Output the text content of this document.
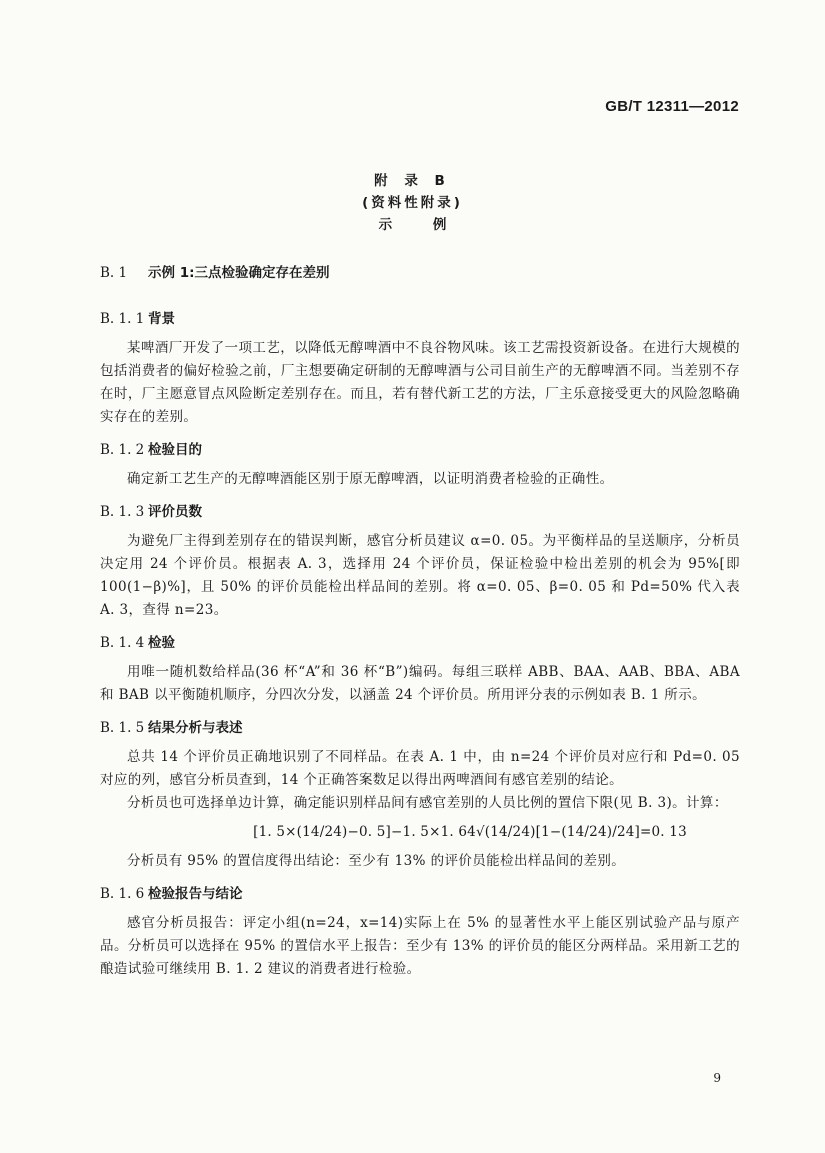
GB/T 12311—2012
附 录 B
(资料性附录)
示 例
B. 1 示例 1:三点检验确定存在差别
B. 1. 1 背景
某啤酒厂开发了一项工艺，以降低无醇啤酒中不良谷物风味。该工艺需投资新设备。在进行大规模的包括消费者的偏好检验之前，厂主想要确定研制的无醇啤酒与公司目前生产的无醇啤酒不同。当差别不存在时，厂主愿意冒点风险断定差别存在。而且，若有替代新工艺的方法，厂主乐意接受更大的风险忽略确实存在的差别。
B. 1. 2 检验目的
确定新工艺生产的无醇啤酒能区别于原无醇啤酒，以证明消费者检验的正确性。
B. 1. 3 评价员数
为避免厂主得到差别存在的错误判断，感官分析员建议 α=0. 05。为平衡样品的呈送顺序，分析员决定用 24 个评价员。根据表 A. 3，选择用 24 个评价员，保证检验中检出差别的机会为 95%[即 100(1−β)%]，且 50% 的评价员能检出样品间的差别。将 α=0. 05、β=0. 05 和 Pd=50% 代入表 A. 3，查得 n=23。
B. 1. 4 检验
用唯一随机数给样品(36 杯“A”和 36 杯“B”)编码。每组三联样 ABB、BAA、AAB、BBA、ABA 和 BAB 以平衡随机顺序，分四次分发，以涵盖 24 个评价员。所用评分表的示例如表 B. 1 所示。
B. 1. 5 结果分析与表述
总共 14 个评价员正确地识别了不同样品。在表 A. 1 中，由 n=24 个评价员对应行和 Pd=0. 05 对应的列，感官分析员查到，14 个正确答案数足以得出两啤酒间有感官差别的结论。
分析员也可选择单边计算，确定能识别样品间有感官差别的人员比例的置信下限(见 B. 3)。计算：
[1. 5×(14/24)−0. 5]−1. 5×1. 64√(14/24)[1−(14/24)/24]=0. 13
分析员有 95% 的置信度得出结论：至少有 13% 的评价员能检出样品间的差别。
B. 1. 6 检验报告与结论
感官分析员报告：评定小组(n=24，x=14)实际上在 5% 的显著性水平上能区别试验产品与原产品。分析员可以选择在 95% 的置信水平上报告：至少有 13% 的评价员的能区分两样品。采用新工艺的酿造试验可继续用 B. 1. 2 建议的消费者进行检验。
9
